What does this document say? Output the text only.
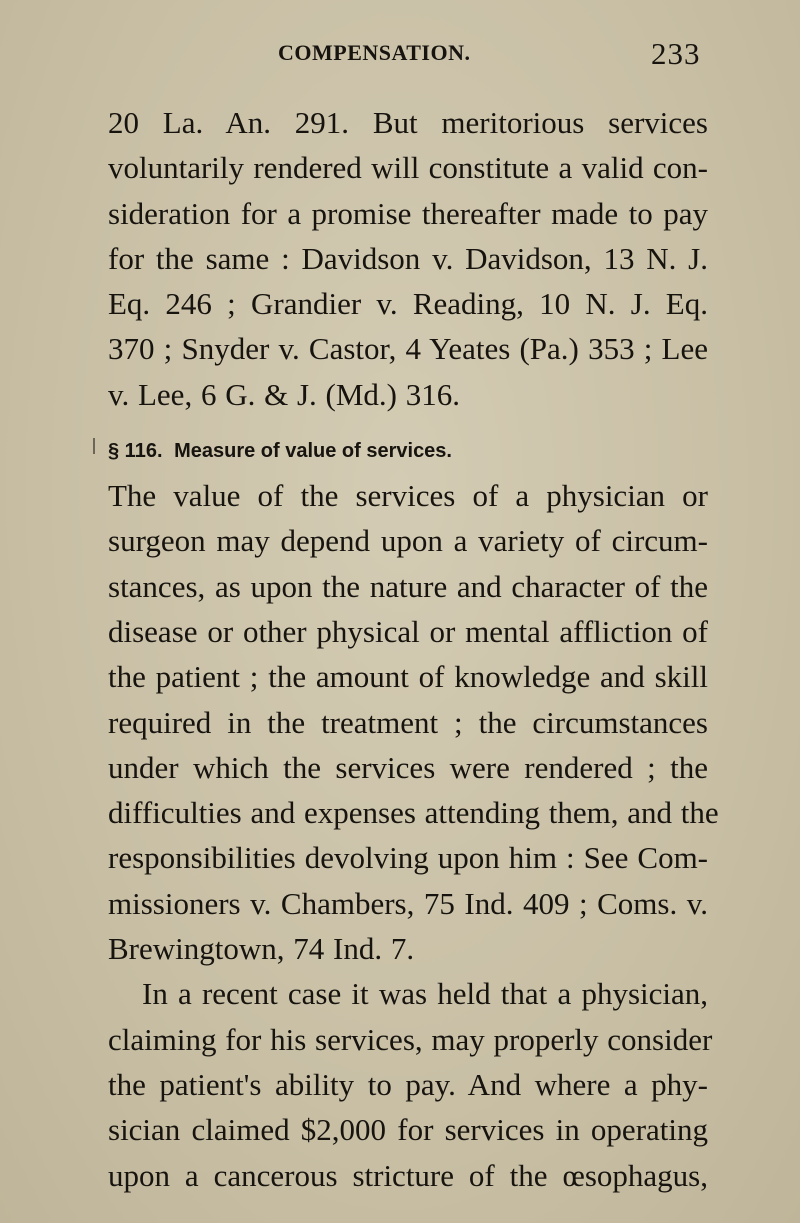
COMPENSATION.	233
20 La. An. 291. But meritorious services
voluntarily rendered will constitute a valid con-
sideration for a promise thereafter made to pay
for the same : Davidson v. Davidson, 13 N. J.
Eq. 246 ; Grandier v. Reading, 10 N. J. Eq.
370 ; Snyder v. Castor, 4 Yeates (Pa.) 353 ; Lee
v. Lee, 6 G. & J. (Md.) 316.
§ 116. Measure of value of services.
The value of the services of a physician or
surgeon may depend upon a variety of circum-
stances, as upon the nature and character of the
disease or other physical or mental affliction of
the patient ; the amount of knowledge and skill
required in the treatment ; the circumstances
under which the services were rendered ; the
difficulties and expenses attending them, and the
responsibilities devolving upon him : See Com-
missioners v. Chambers, 75 Ind. 409 ; Coms. v.
Brewingtown, 74 Ind. 7.
In a recent case it was held that a physician,
claiming for his services, may properly consider
the patient's ability to pay. And where a phy-
sician claimed $2,000 for services in operating
upon a cancerous stricture of the œsophagus,
